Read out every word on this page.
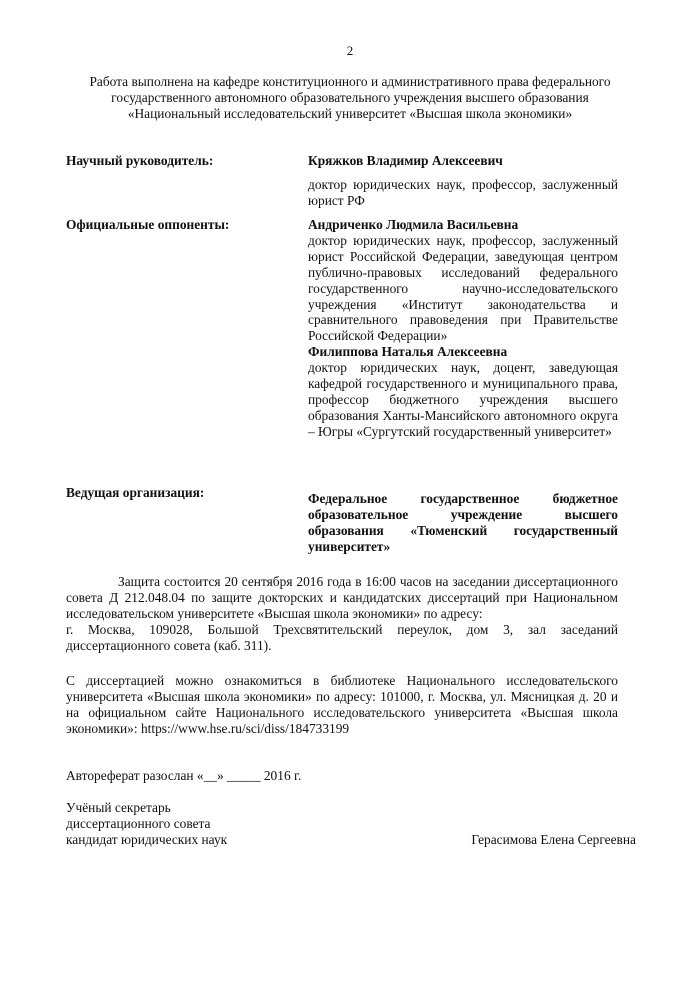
2
Работа выполнена на кафедре конституционного и административного права федерального государственного автономного образовательного учреждения высшего образования «Национальный исследовательский университет «Высшая школа экономики»
Научный руководитель:	Кряжков Владимир Алексеевич
доктор юридических наук, профессор, заслуженный юрист РФ
Официальные оппоненты:	Андриченко Людмила Васильевна
доктор юридических наук, профессор, заслуженный юрист Российской Федерации, заведующая центром публично-правовых исследований федерального государственного научно-исследовательского учреждения «Институт законодательства и сравнительного правоведения при Правительстве Российской Федерации»
Филиппова Наталья Алексеевна
доктор юридических наук, доцент, заведующая кафедрой государственного и муниципального права, профессор бюджетного учреждения высшего образования Ханты-Мансийского автономного округа – Югры «Сургутский государственный университет»
Ведущая организация:	Федеральное государственное бюджетное образовательное учреждение высшего образования «Тюменский государственный университет»
Защита состоится 20 сентября 2016 года в 16:00 часов на заседании диссертационного совета Д 212.048.04 по защите докторских и кандидатских диссертаций при Национальном исследовательском университете «Высшая школа экономики» по адресу:
г. Москва, 109028, Большой Трехсвятительский переулок, дом 3, зал заседаний диссертационного совета (каб. 311).
С диссертацией можно ознакомиться в библиотеке Национального исследовательского университета «Высшая школа экономики» по адресу: 101000, г. Москва, ул. Мясницкая д. 20 и на официальном сайте Национального исследовательского университета «Высшая школа экономики»: https://www.hse.ru/sci/diss/184733199
Автореферат разослан «__» _____ 2016 г.
Учёный секретарь
диссертационного совета
кандидат юридических наук	Герасимова Елена Сергеевна
